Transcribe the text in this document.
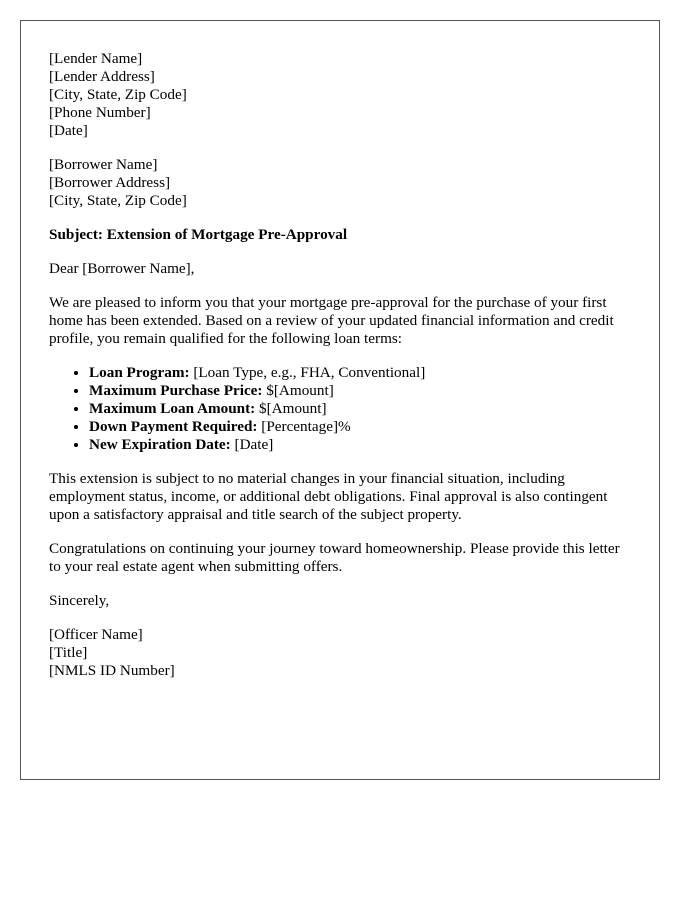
[Lender Name]
[Lender Address]
[City, State, Zip Code]
[Phone Number]
[Date]
[Borrower Name]
[Borrower Address]
[City, State, Zip Code]
Subject: Extension of Mortgage Pre-Approval

Dear [Borrower Name],

We are pleased to inform you that your mortgage pre-approval for the purchase of your first home has been extended. Based on a review of your updated financial information and credit profile, you remain qualified for the following loan terms:

• Loan Program: [Loan Type, e.g., FHA, Conventional]
• Maximum Purchase Price: $[Amount]
• Maximum Loan Amount: $[Amount]
• Down Payment Required: [Percentage]%
• New Expiration Date: [Date]

This extension is subject to no material changes in your financial situation, including employment status, income, or additional debt obligations. Final approval is also contingent upon a satisfactory appraisal and title search of the subject property.

Congratulations on continuing your journey toward homeownership. Please provide this letter to your real estate agent when submitting offers.

Sincerely,

[Officer Name]
[Title]
[NMLS ID Number]
